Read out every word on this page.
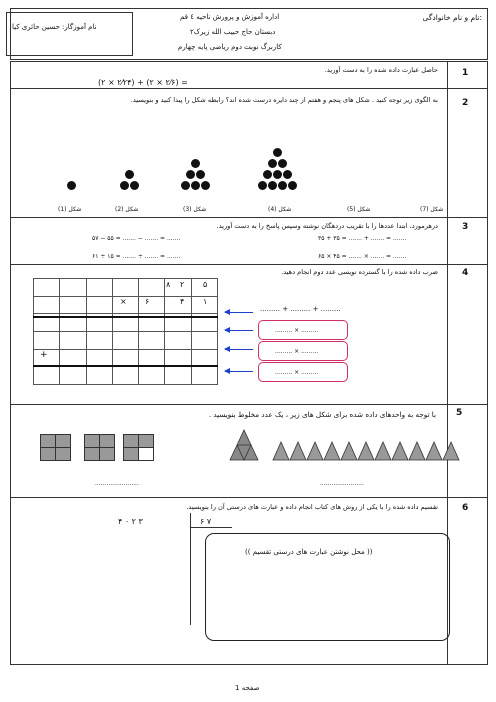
نام و نام خانوادگی:
اداره آموزش و پرورش ناحیه ٤ قم
دبستان حاج حبیب الله زیرک۲
کاربرگ نوبت دوم ریاضی پایه چهارم
نام آموزگار: حسین حائری کیا
1
حاصل عبارت داده شده را به دست آورید.
(۲ × ۲⁄۲۴) + (۲ × ۲⁄۶) =
2
به الگوی زیر توجه کنید . شکل های پنجم و هفتم از چند دایره درست شده اند؟ رابطه شکل را پیدا کنید و بنویسید.
شکل (1)	شکل (2)	شکل (3)	شکل (4)	شکل (5)	شکل (7)
3
درهرمورد، ابتدا عددها را با تقریب دردهگان نوشته وسپس پاسخ را به دست آورید.
۵۷ − ۵۵ = ....... − ....... = .......	۳۵ + ۳۵ = ....... + ....... = .......
۶۱ ÷ ۱۵ = ....... ÷ ....... = .......	۶۵ × ۴۵ = ....... × ....... = .......
4
ضرب داده شده را با گسترده نویسی عدد دوم انجام دهید.
۸ ۲ ۵
× ۶	۴ ۱
+
......... + ......... + .........
......... × .........
......... × .........
......... × .........
5
با توجه به واحدهای داده شده برای شکل های زیر ، یک عدد مخلوط بنویسید .
.......................	.......................
6
تقسیم داده شده را با یکی از روش های کتاب انجام داده و عبارت های درستی آن را بنویسید.
۴ ۰ ۲ ۳	۶ ۷
(( محل نوشتن عبارت های درستی تقسیم ))
صفحه 1
